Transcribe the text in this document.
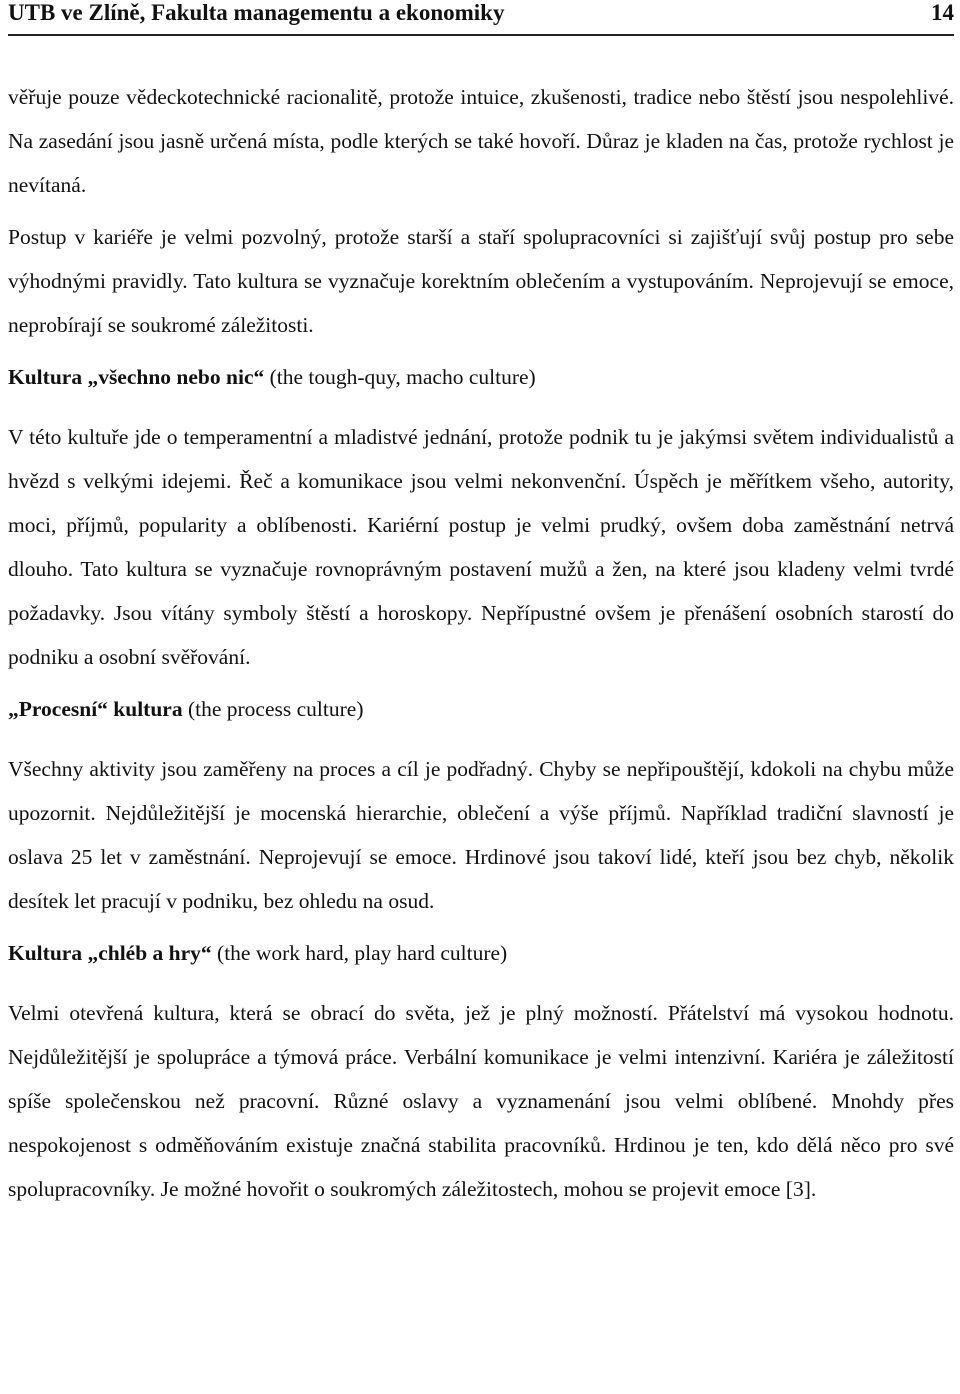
UTB ve Zlíně, Fakulta managementu a ekonomiky	14

věřuje pouze vědeckotechnické racionalitě, protože intuice, zkušenosti, tradice nebo štěstí jsou nespolehlivé. Na zasedání jsou jasně určená místa, podle kterých se také hovoří. Důraz je kladen na čas, protože rychlost je nevítaná.

Postup v kariéře je velmi pozvolný, protože starší a staří spolupracovníci si zajišťují svůj postup pro sebe výhodnými pravidly. Tato kultura se vyznačuje korektním oblečením a vystupováním. Neprojevují se emoce, neprobírají se soukromé záležitosti.

Kultura „všechno nebo nic“ (the tough-quy, macho culture)

V této kultuře jde o temperamentní a mladistvé jednání, protože podnik tu je jakýmsi světem individualistů a hvězd s velkými idejemi. Řeč a komunikace jsou velmi nekonvenční. Úspěch je měřítkem všeho, autority, moci, příjmů, popularity a oblíbenosti. Kariérní postup je velmi prudký, ovšem doba zaměstnání netrvá dlouho. Tato kultura se vyznačuje rovnoprávným postavení mužů a žen, na které jsou kladeny velmi tvrdé požadavky. Jsou vítány symboly štěstí a horoskopy. Nepřípustné ovšem je přenášení osobních starostí do podniku a osobní svěřování.

„Procesní“ kultura (the process culture)

Všechny aktivity jsou zaměřeny na proces a cíl je podřadný. Chyby se nepřipouštějí, kdokoli na chybu může upozornit. Nejdůležitější je mocenská hierarchie, oblečení a výše příjmů. Například tradiční slavností je oslava 25 let v zaměstnání. Neprojevují se emoce. Hrdinové jsou takoví lidé, kteří jsou bez chyb, několik desítek let pracují v podniku, bez ohledu na osud.

Kultura „chléb a hry“ (the work hard, play hard culture)

Velmi otevřená kultura, která se obrací do světa, jež je plný možností. Přátelství má vysokou hodnotu. Nejdůležitější je spolupráce a týmová práce. Verbální komunikace je velmi intenzivní. Kariéra je záležitostí spíše společenskou než pracovní. Různé oslavy a vyznamenání jsou velmi oblíbené. Mnohdy přes nespokojenost s odměňováním existuje značná stabilita pracovníků. Hrdinou je ten, kdo dělá něco pro své spolupracovníky. Je možné hovořit o soukromých záležitostech, mohou se projevit emoce [3].
